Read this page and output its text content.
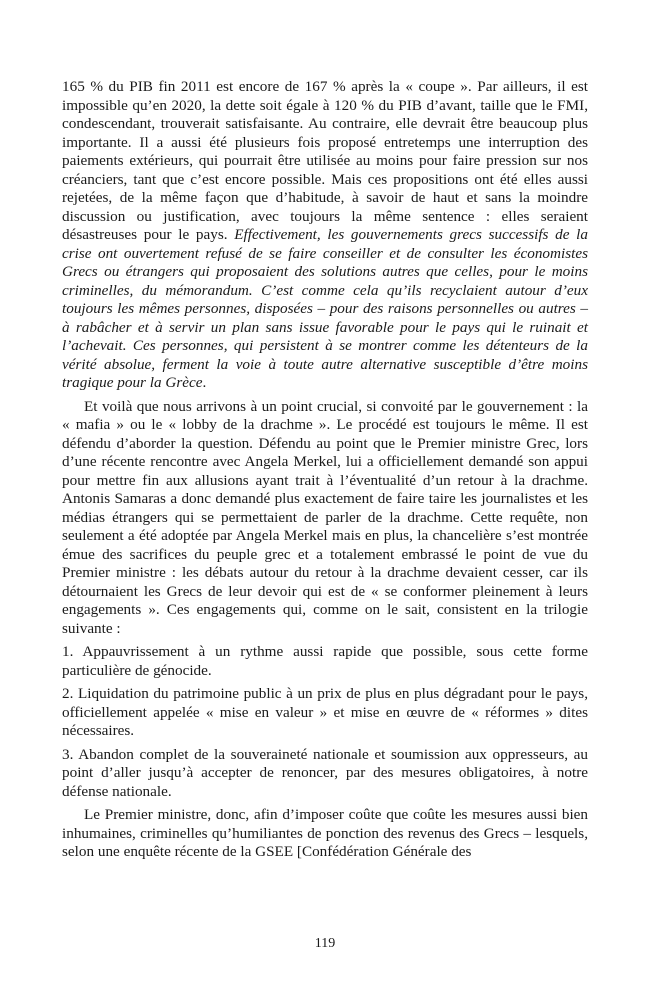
165 % du PIB fin 2011 est encore de 167 % après la « coupe ». Par ailleurs, il est impossible qu’en 2020, la dette soit égale à 120 % du PIB d’avant, taille que le FMI, condescendant, trouverait satisfaisante. Au contraire, elle devrait être beaucoup plus importante. Il a aussi été plusieurs fois proposé entretemps une interruption des paiements extérieurs, qui pourrait être utilisée au moins pour faire pression sur nos créanciers, tant que c’est encore possible. Mais ces propositions ont été elles aussi rejetées, de la même façon que d’habitude, à savoir de haut et sans la moindre discussion ou justification, avec toujours la même sentence : elles seraient désastreuses pour le pays. Effectivement, les gouvernements grecs successifs de la crise ont ouvertement refusé de se faire conseiller et de consulter les économistes Grecs ou étrangers qui proposaient des solutions autres que celles, pour le moins criminelles, du mémorandum. C’est comme cela qu’ils recyclaient autour d’eux toujours les mêmes personnes, disposées – pour des raisons personnelles ou autres – à rabâcher et à servir un plan sans issue favorable pour le pays qui le ruinait et l’achevait. Ces personnes, qui persistent à se montrer comme les détenteurs de la vérité absolue, ferment la voie à toute autre alternative susceptible d’être moins tragique pour la Grèce.

Et voilà que nous arrivons à un point crucial, si convoité par le gouvernement : la « mafia » ou le « lobby de la drachme ». Le procédé est toujours le même. Il est défendu d’aborder la question. Défendu au point que le Premier ministre Grec, lors d’une récente rencontre avec Angela Merkel, lui a officiellement demandé son appui pour mettre fin aux allusions ayant trait à l’éventualité d’un retour à la drachme. Antonis Samaras a donc demandé plus exactement de faire taire les journalistes et les médias étrangers qui se permettaient de parler de la drachme. Cette requête, non seulement a été adoptée par Angela Merkel mais en plus, la chancelière s’est montrée émue des sacrifices du peuple grec et a totalement embrassé le point de vue du Premier ministre : les débats autour du retour à la drachme devaient cesser, car ils détournaient les Grecs de leur devoir qui est de « se conformer pleinement à leurs engagements ». Ces engagements qui, comme on le sait, consistent en la trilogie suivante :

1. Appauvrissement à un rythme aussi rapide que possible, sous cette forme particulière de génocide.

2. Liquidation du patrimoine public à un prix de plus en plus dégradant pour le pays, officiellement appelée « mise en valeur » et mise en œuvre de « réformes » dites nécessaires.

3. Abandon complet de la souveraineté nationale et soumission aux oppresseurs, au point d’aller jusqu’à accepter de renoncer, par des mesures obligatoires, à notre défense nationale.

Le Premier ministre, donc, afin d’imposer coûte que coûte les mesures aussi bien inhumaines, criminelles qu’humiliantes de ponction des revenus des Grecs – lesquels, selon une enquête récente de la GSEE [Confédération Générale des

119
